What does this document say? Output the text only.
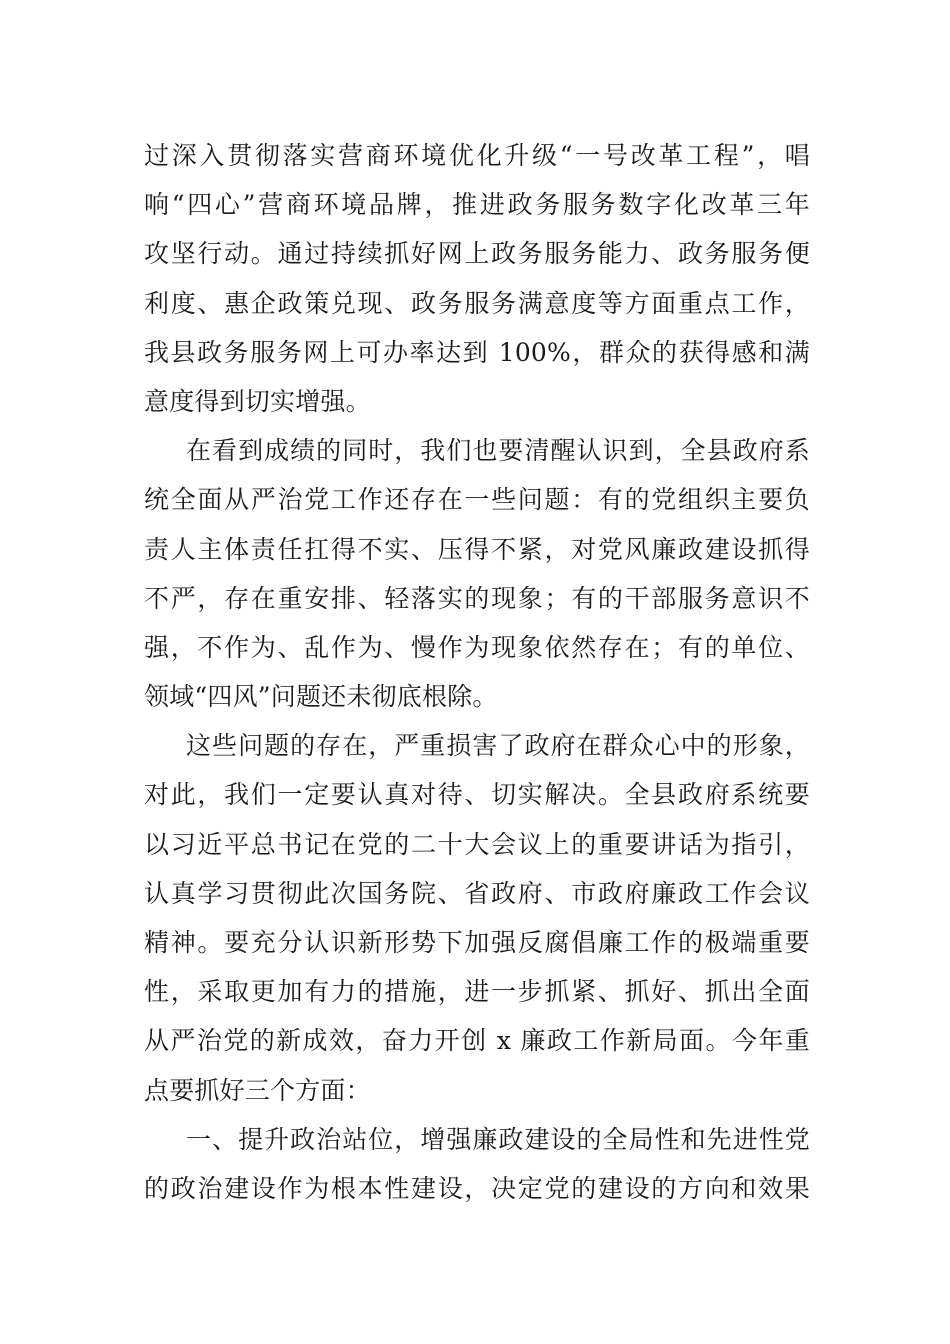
过深入贯彻落实营商环境优化升级“一号改革工程”，唱
响“四心”营商环境品牌，推进政务服务数字化改革三年
攻坚行动。通过持续抓好网上政务服务能力、政务服务便
利度、惠企政策兑现、政务服务满意度等方面重点工作，
我县政务服务网上可办率达到 100%，群众的获得感和满
意度得到切实增强。
在看到成绩的同时，我们也要清醒认识到，全县政府系
统全面从严治党工作还存在一些问题：有的党组织主要负
责人主体责任扛得不实、压得不紧，对党风廉政建设抓得
不严，存在重安排、轻落实的现象；有的干部服务意识不
强，不作为、乱作为、慢作为现象依然存在；有的单位、
领域“四风”问题还未彻底根除。
这些问题的存在，严重损害了政府在群众心中的形象，
对此，我们一定要认真对待、切实解决。全县政府系统要
以习近平总书记在党的二十大会议上的重要讲话为指引，
认真学习贯彻此次国务院、省政府、市政府廉政工作会议
精神。要充分认识新形势下加强反腐倡廉工作的极端重要
性，采取更加有力的措施，进一步抓紧、抓好、抓出全面
从严治党的新成效，奋力开创 x 廉政工作新局面。今年重
点要抓好三个方面：
一、提升政治站位，增强廉政建设的全局性和先进性党
的政治建设作为根本性建设，决定党的建设的方向和效果
